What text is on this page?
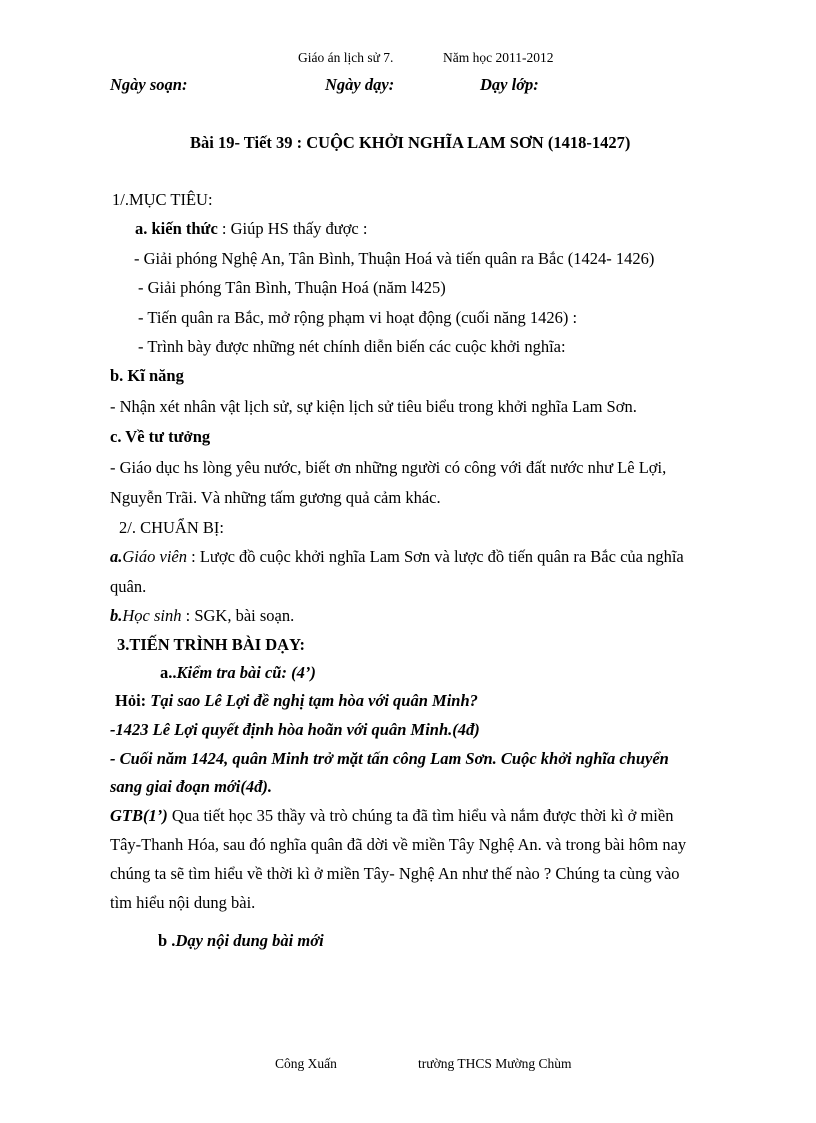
Giáo án lịch sử 7.	Năm học 2011-2012
Ngày soạn:	Ngày dạy:	Dạy lớp:
Bài 19- Tiết 39 : CUỘC KHỞI NGHĨA LAM SƠN (1418-1427)
1/.MỤC TIÊU:
a. kiến thức : Giúp HS thấy được :
- Giải phóng Nghệ An, Tân Bình, Thuận Hoá và tiến quân ra Bắc (1424- 1426)
- Giải phóng Tân Bình, Thuận Hoá (năm l425)
- Tiến quân ra Bắc, mở rộng phạm vi hoạt động (cuối năng 1426) :
- Trình bày được những nét chính diễn biến các cuộc khởi nghĩa:
b. Kĩ năng
- Nhận xét nhân vật lịch sử, sự kiện lịch sử tiêu biểu trong khởi nghĩa Lam Sơn.
c. Về tư tưởng
- Giáo dục hs lòng yêu nước, biết ơn những người có công với đất nước như Lê Lợi,
Nguyễn Trãi. Và những tấm gương quả cảm khác.
2/. CHUẨN BỊ:
a.Giáo viên : Lược đồ cuộc khởi nghĩa Lam Sơn và lược đồ tiến quân ra Bắc của nghĩa
quân.
b.Học sinh : SGK, bài soạn.
3.TIẾN TRÌNH BÀI DẠY:
a..Kiểm tra bài cũ: (4’)
Hỏi: Tại sao Lê Lợi đề nghị tạm hòa với quân Minh?
-1423 Lê Lợi quyết định hòa hoãn với quân Minh.(4đ)
- Cuối năm 1424, quân Minh trở mặt tấn công Lam Sơn. Cuộc khởi nghĩa chuyển
sang giai đoạn mới(4đ).
GTB(1’) Qua tiết học 35 thầy và trò chúng ta đã tìm hiểu và nắm được thời kì ở miền
Tây-Thanh Hóa, sau đó nghĩa quân đã dời về miền Tây Nghệ An. và trong bài hôm nay
chúng ta sẽ tìm hiểu về thời kì ở miền Tây- Nghệ An như thế nào ? Chúng ta cùng vào
tìm hiểu nội dung bài.
b .Dạy nội dung bài mới
Công Xuấn	trường THCS Mường Chùm
